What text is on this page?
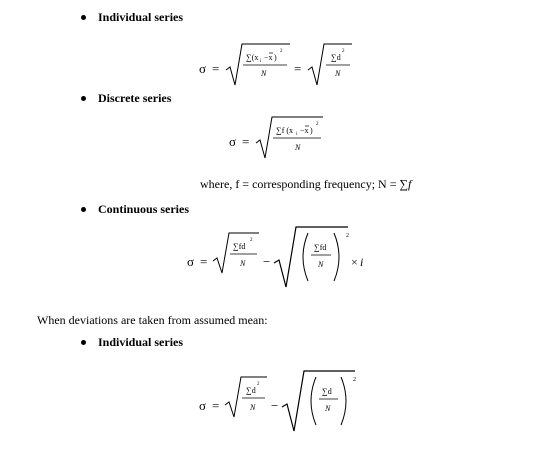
Individual series
σ =
∑(x i −x )
2
N =
∑d
2
N
Discrete series
σ =
∑f (x i −x )
2
N
where, f = corresponding frequency; N = ∑f
Continuous series
σ =
∑fd
2
N −
∑fd
N
2
× i
When deviations are taken from assumed mean:
Individual series
σ =
∑d
2
N −
∑d
N
2
